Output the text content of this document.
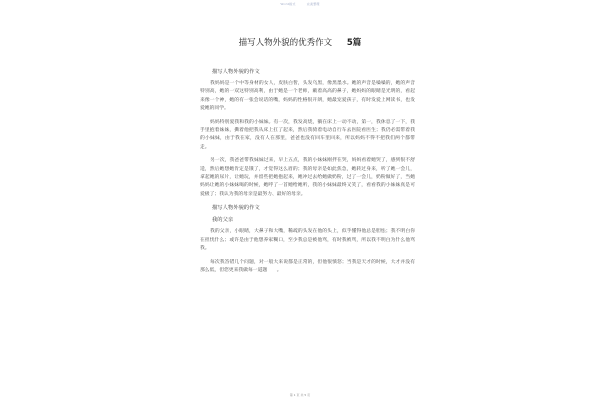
Word格式	完美整理
描写人物外貌的优秀作文 5篇
描写人物外貌的作文

我妈妈是一个中等身材的女人，皮肤白皙，头发乌黑，像黑墨水。她的声音是嗓嗓的，她的声音特别高，她的一双这特别高利，由于她是一个老师，戴着高高的鼻子，她妈妈的眼睛是光明的，看起来像一个神，她的有一张会说话的嘴，妈妈的性格很开朗，她最宠爱孩子，有时发爱上网读书，也发爱她的同学。

妈妈特别爱我和我的小妹妹。有一次，我发高烧，躺在床上一动不动，第一，我休息了一下，我手里抱着妹妹，撕着他把我从床上扛了起来，然后我骑着电动自行车去医院看医生；我仍必需带着我的小妹妹，由于我在家，没有人在那里，爸爸也没有回车里回来，所以妈妈不得不把我们两个都带走。

另一次，我爸爸带我妹妹过来，早上五点，我的小妹妹刚拌在哭，妈妈看着她哭了，感到很不舒适，然后她想她肯定是饿了，才觉得这么眉的；我的母亲是如此焦急，她转过身来，听了她一会儿，拿起她的尿片，让她玩，并留些把她抱起来，她冲过去给她做奶粉，过了一会儿，奶粉做好了，当她妈妈让她的小妹妹喝的时候，她呼了一首她给她听，我的小妹妹最终又笑了，看看我的小妹妹真是可爱极了；我认为我的母亲是最努力、最好的母亲。

描写人物外貌的作文
我的父亲

我的父亲，小眼睛，大鼻子和大嘴，稀疏的头发在他的头上，似乎懂得他总是胆怯；我不明白你在担忧什么；或许是由于他想养家糊口，至少我总是被他骂，有时我被骂，所以我不明白为什么他骂我。

每次我答错几个问题，对一般大来说都是正常的，但他很愤怒；当我是天才的时候，大才并没有那么低，但您更来我做每一道题　　。

第 1 页 共 5 页
